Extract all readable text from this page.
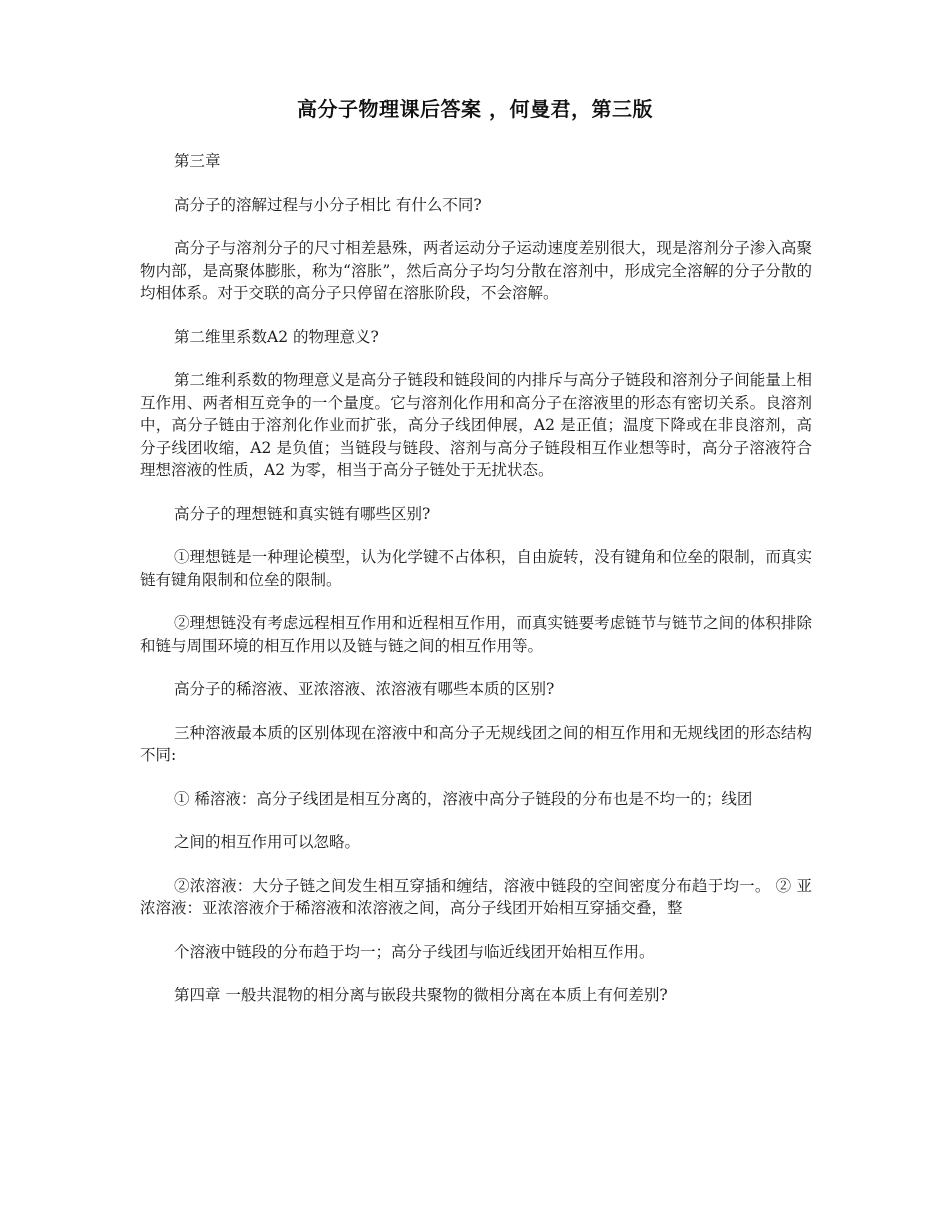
高分子物理课后答案 ，何曼君，第三版

第三章

高分子的溶解过程与小分子相比 有什么不同?

高分子与溶剂分子的尺寸相差悬殊，两者运动分子运动速度差别很大，现是溶剂分子渗入高聚物内部，是高聚体膨胀，称为“溶胀”，然后高分子均匀分散在溶剂中，形成完全溶解的分子分散的均相体系。对于交联的高分子只停留在溶胀阶段，不会溶解。

第二维里系数A2 的物理意义?

第二维利系数的物理意义是高分子链段和链段间的内排斥与高分子链段和溶剂分子间能量上相互作用、两者相互竞争的一个量度。它与溶剂化作用和高分子在溶液里的形态有密切关系。良溶剂中，高分子链由于溶剂化作业而扩张，高分子线团伸展，A2 是正值；温度下降或在非良溶剂，高分子线团收缩，A2 是负值；当链段与链段、溶剂与高分子链段相互作业想等时，高分子溶液符合理想溶液的性质，A2 为零，相当于高分子链处于无扰状态。

高分子的理想链和真实链有哪些区别?

①理想链是一种理论模型，认为化学键不占体积，自由旋转，没有键角和位垒的限制，而真实链有键角限制和位垒的限制。

②理想链没有考虑远程相互作用和近程相互作用，而真实链要考虑链节与链节之间的体积排除和链与周围环境的相互作用以及链与链之间的相互作用等。

高分子的稀溶液、亚浓溶液、浓溶液有哪些本质的区别?

三种溶液最本质的区别体现在溶液中和高分子无规线团之间的相互作用和无规线团的形态结构不同:

① 稀溶液：高分子线团是相互分离的，溶液中高分子链段的分布也是不均一的；线团

之间的相互作用可以忽略。

②浓溶液：大分子链之间发生相互穿插和缠结，溶液中链段的空间密度分布趋于均一。 ② 亚浓溶液：亚浓溶液介于稀溶液和浓溶液之间，高分子线团开始相互穿插交叠，整

个溶液中链段的分布趋于均一；高分子线团与临近线团开始相互作用。

第四章 一般共混物的相分离与嵌段共聚物的微相分离在本质上有何差别?
